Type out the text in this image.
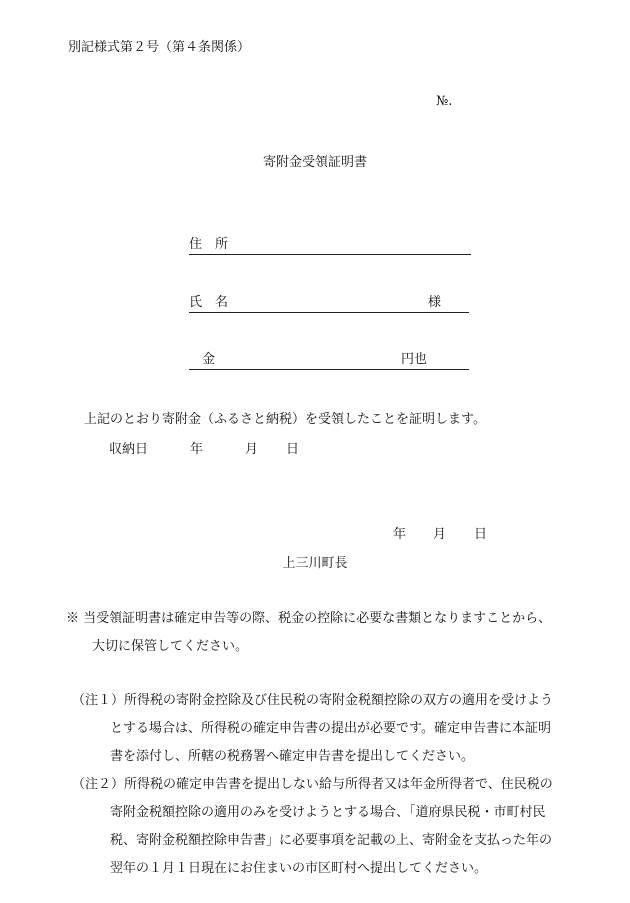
別記様式第２号（第４条関係）
№.
寄附金受領証明書
住　所
氏　名	様
金	円也
上記のとおり寄附金（ふるさと納税）を受領したことを証明します。
収納日	年	月 日
年 月 日
上三川町長
※ 当受領証明書は確定申告等の際、税金の控除に必要な書類となりますことから、
大切に保管してください。
（注１）所得税の寄附金控除及び住民税の寄附金税額控除の双方の適用を受けよう
とする場合は、所得税の確定申告書の提出が必要です。確定申告書に本証明
書を添付し、所轄の税務署へ確定申告書を提出してください。
（注２）所得税の確定申告書を提出しない給与所得者又は年金所得者で、住民税の
寄附金税額控除の適用のみを受けようとする場合、「道府県民税・市町村民
税、寄附金税額控除申告書」に必要事項を記載の上、寄附金を支払った年の
翌年の１月１日現在にお住まいの市区町村へ提出してください。
